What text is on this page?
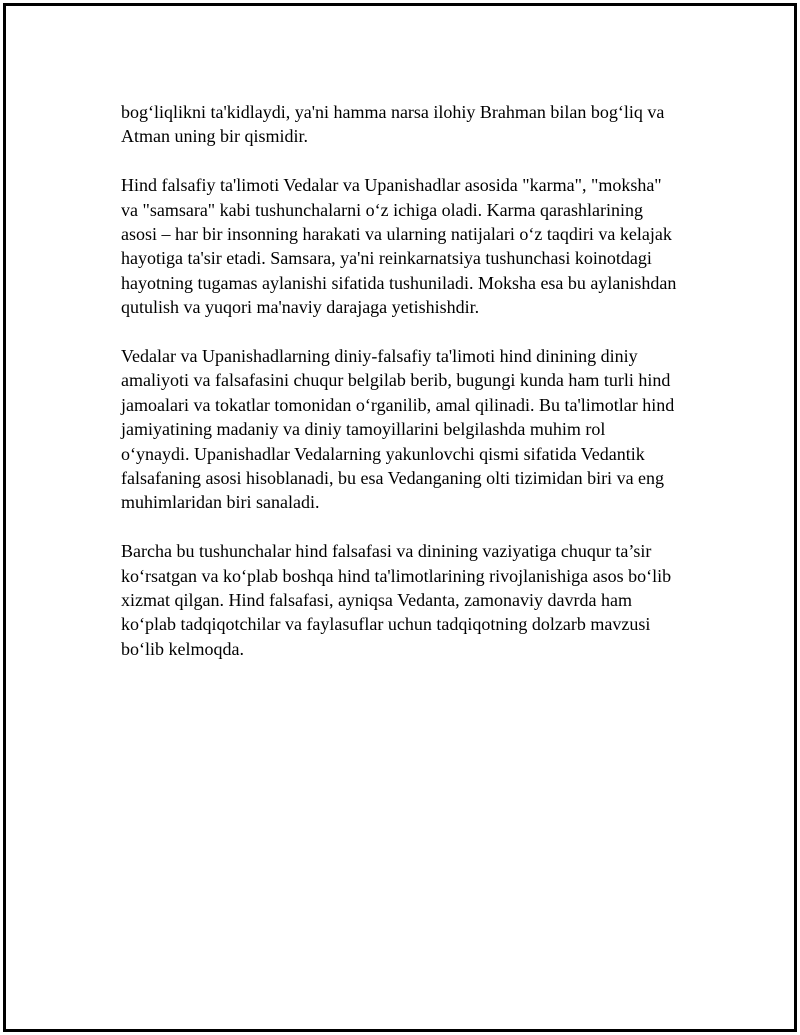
bog‘liqlikni ta'kidlaydi, ya'ni hamma narsa ilohiy Brahman bilan bog‘liq va
Atman uning bir qismidir.

Hind falsafiy ta'limoti Vedalar va Upanishadlar asosida "karma", "moksha"
va "samsara" kabi tushunchalarni o‘z ichiga oladi. Karma qarashlarining
asosi – har bir insonning harakati va ularning natijalari o‘z taqdiri va kelajak
hayotiga ta'sir etadi. Samsara, ya'ni reinkarnatsiya tushunchasi koinotdagi
hayotning tugamas aylanishi sifatida tushuniladi. Moksha esa bu aylanishdan
qutulish va yuqori ma'naviy darajaga yetishishdir.

Vedalar va Upanishadlarning diniy-falsafiy ta'limoti hind dinining diniy
amaliyoti va falsafasini chuqur belgilab berib, bugungi kunda ham turli hind
jamoalari va tokatlar tomonidan o‘rganilib, amal qilinadi. Bu ta'limotlar hind
jamiyatining madaniy va diniy tamoyillarini belgilashda muhim rol
o‘ynaydi. Upanishadlar Vedalarning yakunlovchi qismi sifatida Vedantik
falsafaning asosi hisoblanadi, bu esa Vedanganing olti tizimidan biri va eng
muhimlaridan biri sanaladi.

Barcha bu tushunchalar hind falsafasi va dinining vaziyatiga chuqur ta’sir
ko‘rsatgan va ko‘plab boshqa hind ta'limotlarining rivojlanishiga asos bo‘lib
xizmat qilgan. Hind falsafasi, ayniqsa Vedanta, zamonaviy davrda ham
ko‘plab tadqiqotchilar va faylasuflar uchun tadqiqotning dolzarb mavzusi
bo‘lib kelmoqda.
